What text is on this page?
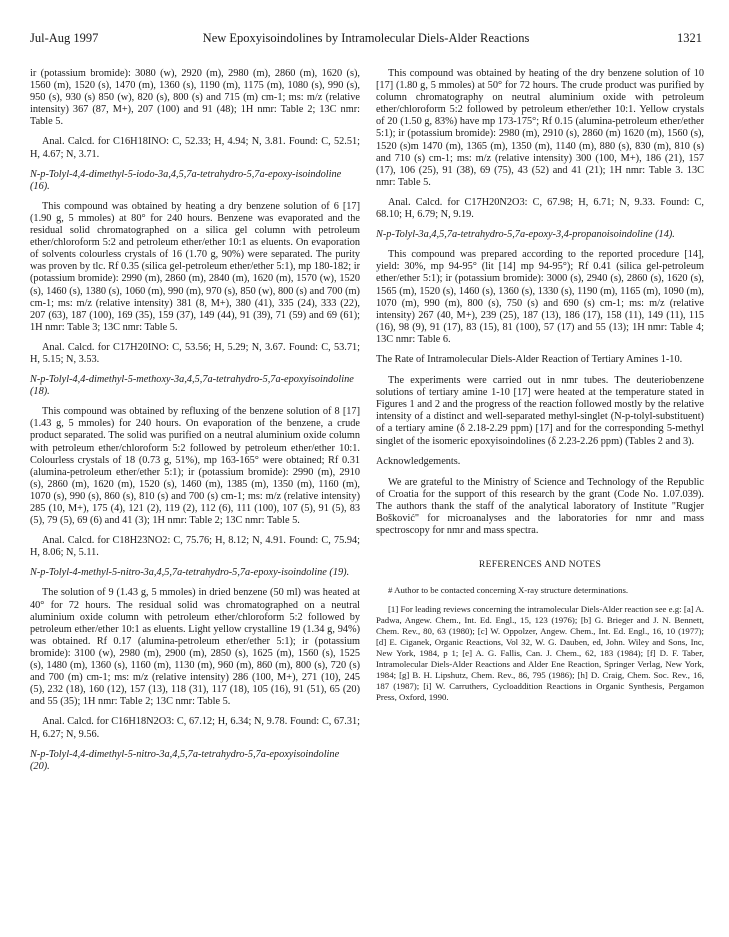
Jul-Aug 1997	New Epoxyisoindolines by Intramolecular Diels-Alder Reactions	1321

ir (potassium bromide): 3080 (w), 2920 (m), 2980 (m), 2860 (m), 1620 (s), 1560 (m), 1520 (s), 1470 (m), 1360 (s), 1190 (m), 1175 (m), 1080 (s), 990 (s), 950 (s), 930 (s) 850 (w), 820 (s), 800 (s) and 715 (m) cm-1; ms: m/z (relative intensity) 367 (87, M+), 207 (100) and 91 (48); 1H nmr: Table 2; 13C nmr: Table 5.

Anal. Calcd. for C16H18INO: C, 52.33; H, 4.94; N, 3.81. Found: C, 52.51; H, 4.67; N, 3.71.

N-p-Tolyl-4,4-dimethyl-5-iodo-3a,4,5,7a-tetrahydro-5,7a-epoxy-isoindoline (16).

This compound was obtained by heating a dry benzene solution of 6 [17] (1.90 g, 5 mmoles) at 80° for 240 hours. Benzene was evaporated and the residual solid chromatographed on a silica gel column with petroleum ether/chloroform 5:2 and petroleum ether/ether 10:1 as eluents. On evaporation of solvents colourless crystals of 16 (1.70 g, 90%) were separated. The purity was proven by tlc. Rf 0.35 (silica gel-petroleum ether/ether 5:1), mp 180-182; ir (potassium bromide): 2990 (m), 2860 (m), 2840 (m), 1620 (m), 1570 (w), 1520 (s), 1460 (s), 1380 (s), 1060 (m), 990 (m), 970 (s), 850 (w), 800 (s) and 700 (m) cm-1; ms: m/z (relative intensity) 381 (8, M+), 380 (41), 335 (24), 333 (22), 207 (63), 187 (100), 169 (35), 159 (37), 149 (44), 91 (39), 71 (59) and 69 (61); 1H nmr: Table 3; 13C nmr: Table 5.

Anal. Calcd. for C17H20INO: C, 53.56; H, 5.29; N, 3.67. Found: C, 53.71; H, 5.15; N, 3.53.

N-p-Tolyl-4,4-dimethyl-5-methoxy-3a,4,5,7a-tetrahydro-5,7a-epoxyisoindoline (18).

This compound was obtained by refluxing of the benzene solution of 8 [17] (1.43 g, 5 mmoles) for 240 hours. On evaporation of the benzene, a crude product separated. The solid was purified on a neutral aluminium oxide column with petroleum ether/chloroform 5:2 followed by petroleum ether/ether 10:1. Colourless crystals of 18 (0.73 g, 51%), mp 163-165° were obtained; Rf 0.31 (alumina-petroleum ether/ether 5:1); ir (potassium bromide): 2990 (m), 2910 (s), 2860 (m), 1620 (m), 1520 (s), 1460 (m), 1385 (m), 1350 (m), 1160 (m), 1070 (s), 990 (s), 860 (s), 810 (s) and 700 (s) cm-1; ms: m/z (relative intensity) 285 (10, M+), 175 (4), 121 (2), 119 (2), 112 (6), 111 (100), 107 (5), 91 (5), 83 (5), 79 (5), 69 (6) and 41 (3); 1H nmr: Table 2; 13C nmr: Table 5.

Anal. Calcd. for C18H23NO2: C, 75.76; H, 8.12; N, 4.91. Found: C, 75.94; H, 8.06; N, 5.11.

N-p-Tolyl-4-methyl-5-nitro-3a,4,5,7a-tetrahydro-5,7a-epoxy-isoindoline (19).

The solution of 9 (1.43 g, 5 mmoles) in dried benzene (50 ml) was heated at 40° for 72 hours. The residual solid was chromatographed on a neutral aluminium oxide column with petroleum ether/chloroform 5:2 followed by petroleum ether/ether 10:1 as eluents. Light yellow crystalline 19 (1.34 g, 94%) was obtained. Rf 0.17 (alumina-petroleum ether/ether 5:1); ir (potassium bromide): 3100 (w), 2980 (m), 2900 (m), 2850 (s), 1625 (m), 1560 (s), 1525 (s), 1480 (m), 1360 (s), 1160 (m), 1130 (m), 960 (m), 860 (m), 800 (s), 720 (s) and 700 (m) cm-1; ms: m/z (relative intensity) 286 (100, M+), 271 (10), 245 (5), 232 (18), 160 (12), 157 (13), 118 (31), 117 (18), 105 (16), 91 (51), 65 (20) and 55 (35); 1H nmr: Table 2; 13C nmr: Table 5.

Anal. Calcd. for C16H18N2O3: C, 67.12; H, 6.34; N, 9.78. Found: C, 67.31; H, 6.27; N, 9.56.

N-p-Tolyl-4,4-dimethyl-5-nitro-3a,4,5,7a-tetrahydro-5,7a-epoxyisoindoline (20).

This compound was obtained by heating of the dry benzene solution of 10 [17] (1.80 g, 5 mmoles) at 50° for 72 hours. The crude product was purified by column chromatography on neutral aluminium oxide with petroleum ether/chloroform 5:2 followed by petroleum ether/ether 10:1. Yellow crystals of 20 (1.50 g, 83%) have mp 173-175°; Rf 0.15 (alumina-petroleum ether/ether 5:1); ir (potassium bromide): 2980 (m), 2910 (s), 2860 (m) 1620 (m), 1560 (s), 1520 (s)m 1470 (m), 1365 (m), 1350 (m), 1140 (m), 880 (s), 830 (m), 810 (s) and 710 (s) cm-1; ms: m/z (relative intensity) 300 (100, M+), 186 (21), 157 (17), 106 (25), 91 (38), 69 (75), 43 (52) and 41 (21); 1H nmr: Table 3. 13C nmr: Table 5.

Anal. Calcd. for C17H20N2O3: C, 67.98; H, 6.71; N, 9.33. Found: C, 68.10; H, 6.79; N, 9.19.

N-p-Tolyl-3a,4,5,7a-tetrahydro-5,7a-epoxy-3,4-propanoisoindoline (14).

This compound was prepared according to the reported procedure [14], yield: 30%, mp 94-95° (lit [14] mp 94-95°); Rf 0.41 (silica gel-petroleum ether/ether 5:1); ir (potassium bromide): 3000 (s), 2940 (s), 2860 (s), 1620 (s), 1565 (m), 1520 (s), 1460 (s), 1360 (s), 1330 (s), 1190 (m), 1165 (m), 1090 (m), 1070 (m), 990 (m), 800 (s), 750 (s) and 690 (s) cm-1; ms: m/z (relative intensity) 267 (40, M+), 239 (25), 187 (13), 186 (17), 158 (11), 149 (11), 115 (16), 98 (9), 91 (17), 83 (15), 81 (100), 57 (17) and 55 (13); 1H nmr: Table 4; 13C nmr: Table 6.

The Rate of Intramolecular Diels-Alder Reaction of Tertiary Amines 1-10.

The experiments were carried out in nmr tubes. The deuteriobenzene solutions of tertiary amine 1-10 [17] were heated at the temperature stated in Figures 1 and 2 and the progress of the reaction followed mostly by the relative intensity of a distinct and well-separated methyl-singlet (N-p-tolyl-substituent) of a tertiary amine (δ 2.18-2.29 ppm) [17] and for the corresponding 5-methyl singlet of the isomeric epoxyisoindolines (δ 2.23-2.26 ppm) (Tables 2 and 3).

Acknowledgements.

We are grateful to the Ministry of Science and Technology of the Republic of Croatia for the support of this research by the grant (Code No. 1.07.039). The authors thank the staff of the analytical laboratory of Institute "Rugjer Bošković" for microanalyses and the laboratories for nmr and mass spectroscopy for nmr and mass spectra.

REFERENCES AND NOTES

# Author to be contacted concerning X-ray structure determinations.

[1] For leading reviews concerning the intramolecular Diels-Alder reaction see e.g: [a] A. Padwa, Angew. Chem., Int. Ed. Engl., 15, 123 (1976); [b] G. Brieger and J. N. Bennett, Chem. Rev., 80, 63 (1980); [c] W. Oppolzer, Angew. Chem., Int. Ed. Engl., 16, 10 (1977); [d] E. Ciganek, Organic Reactions, Vol 32, W. G. Dauben, ed, John. Wiley and Sons, Inc, New York, 1984, p 1; [e] A. G. Fallis, Can. J. Chem., 62, 183 (1984); [f] D. F. Taber, Intramolecular Diels-Alder Reactions and Alder Ene Reaction, Springer Verlag, New York, 1984; [g] B. H. Lipshutz, Chem. Rev., 86, 795 (1986); [h] D. Craig, Chem. Soc. Rev., 16, 187 (1987); [i] W. Carruthers, Cycloaddition Reactions in Organic Synthesis, Pergamon Press, Oxford, 1990.
